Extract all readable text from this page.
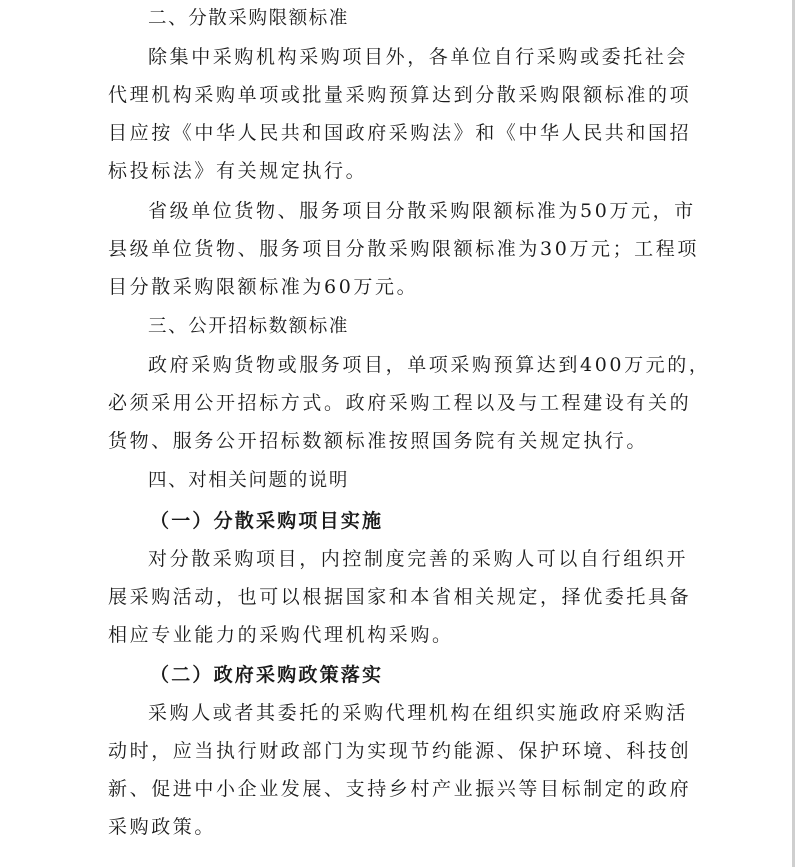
二、分散采购限额标准
除集中采购机构采购项目外，各单位自行采购或委托社会
代理机构采购单项或批量采购预算达到分散采购限额标准的项
目应按《中华人民共和国政府采购法》和《中华人民共和国招
标投标法》有关规定执行。
省级单位货物、服务项目分散采购限额标准为50万元，市
县级单位货物、服务项目分散采购限额标准为30万元；工程项
目分散采购限额标准为60万元。
三、公开招标数额标准
政府采购货物或服务项目，单项采购预算达到400万元的，
必须采用公开招标方式。政府采购工程以及与工程建设有关的
货物、服务公开招标数额标准按照国务院有关规定执行。
四、对相关问题的说明
（一）分散采购项目实施
对分散采购项目，内控制度完善的采购人可以自行组织开
展采购活动，也可以根据国家和本省相关规定，择优委托具备
相应专业能力的采购代理机构采购。
（二）政府采购政策落实
采购人或者其委托的采购代理机构在组织实施政府采购活
动时，应当执行财政部门为实现节约能源、保护环境、科技创
新、促进中小企业发展、支持乡村产业振兴等目标制定的政府
采购政策。
